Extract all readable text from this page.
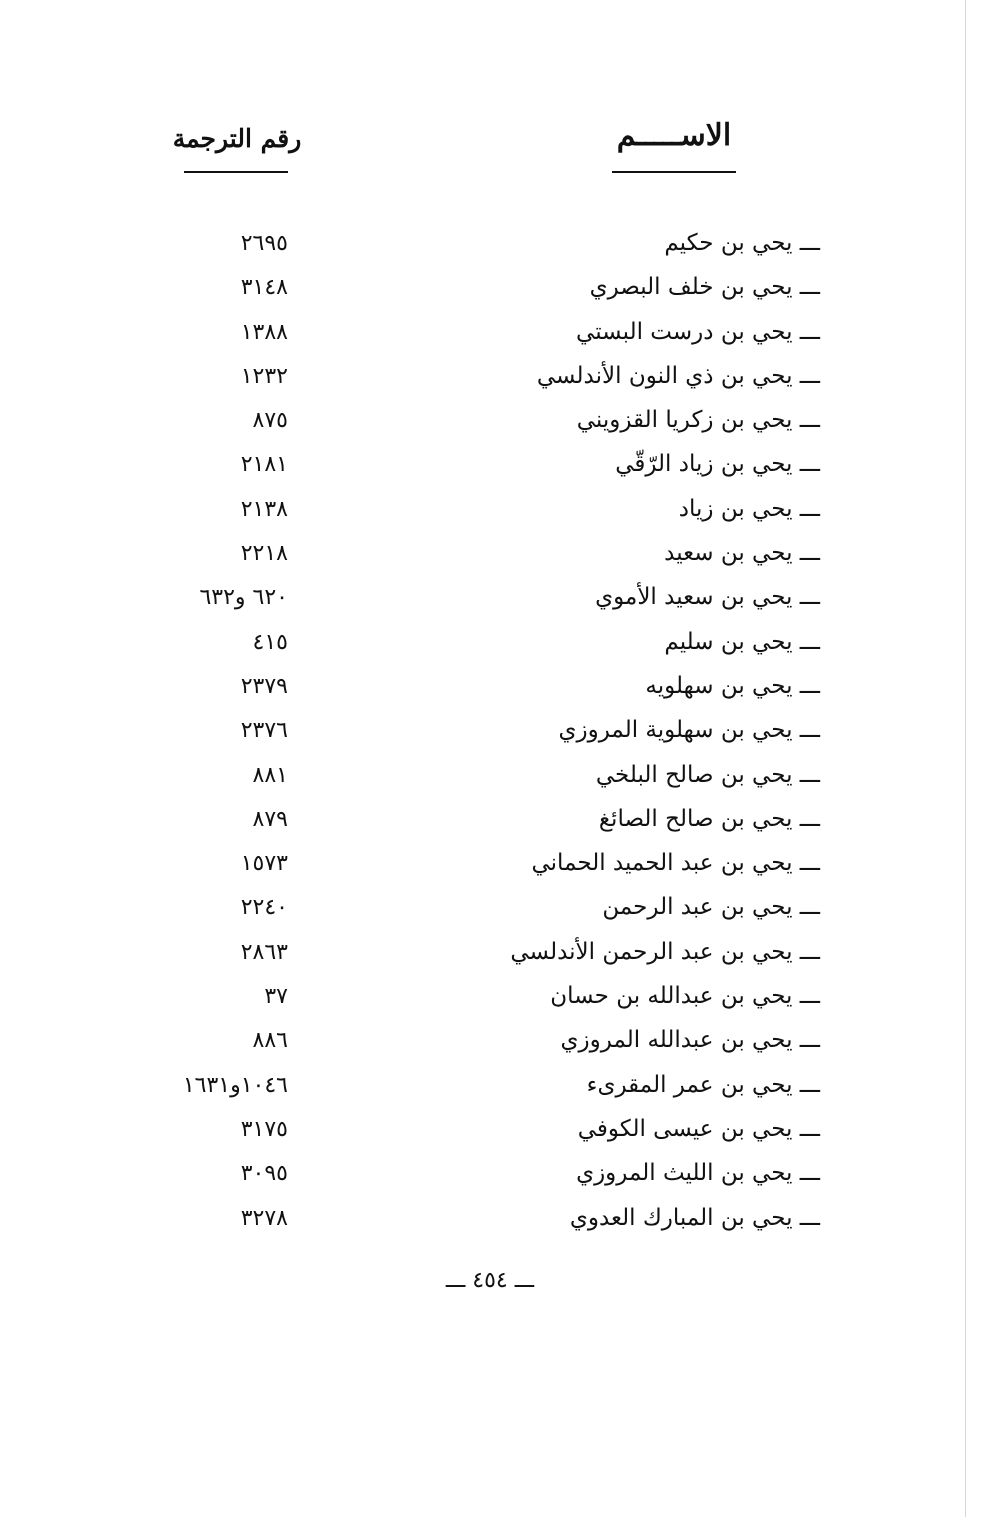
الاســـــم
رقم الترجمة
ـــ يحي بن حكيم
٢٦٩٥
ـــ يحي بن خلف البصري
٣١٤٨
ـــ يحي بن درست البستي
١٣٨٨
ـــ يحي بن ذي النون الأندلسي
١٢٣٢
ـــ يحي بن زكريا القزويني
٨٧٥
ـــ يحي بن زياد الرّقّي
٢١٨١
ـــ يحي بن زياد
٢١٣٨
ـــ يحي بن سعيد
٢٢١٨
ـــ يحي بن سعيد الأموي
٦٢٠ و٦٣٢
ـــ يحي بن سليم
٤١٥
ـــ يحي بن سهلويه
٢٣٧٩
ـــ يحي بن سهلوية المروزي
٢٣٧٦
ـــ يحي بن صالح البلخي
٨٨١
ـــ يحي بن صالح الصائغ
٨٧٩
ـــ يحي بن عبد الحميد الحماني
١٥٧٣
ـــ يحي بن عبد الرحمن
٢٢٤٠
ـــ يحي بن عبد الرحمن الأندلسي
٢٨٦٣
ـــ يحي بن عبدالله بن حسان
٣٧
ـــ يحي بن عبدالله المروزي
٨٨٦
ـــ يحي بن عمر المقرىء
١٠٤٦و١٦٣١
ـــ يحي بن عيسى الكوفي
٣١٧٥
ـــ يحي بن الليث المروزي
٣٠٩٥
ـــ يحي بن المبارك العدوي
٣٢٧٨
ـــ ٤٥٤ ـــ
